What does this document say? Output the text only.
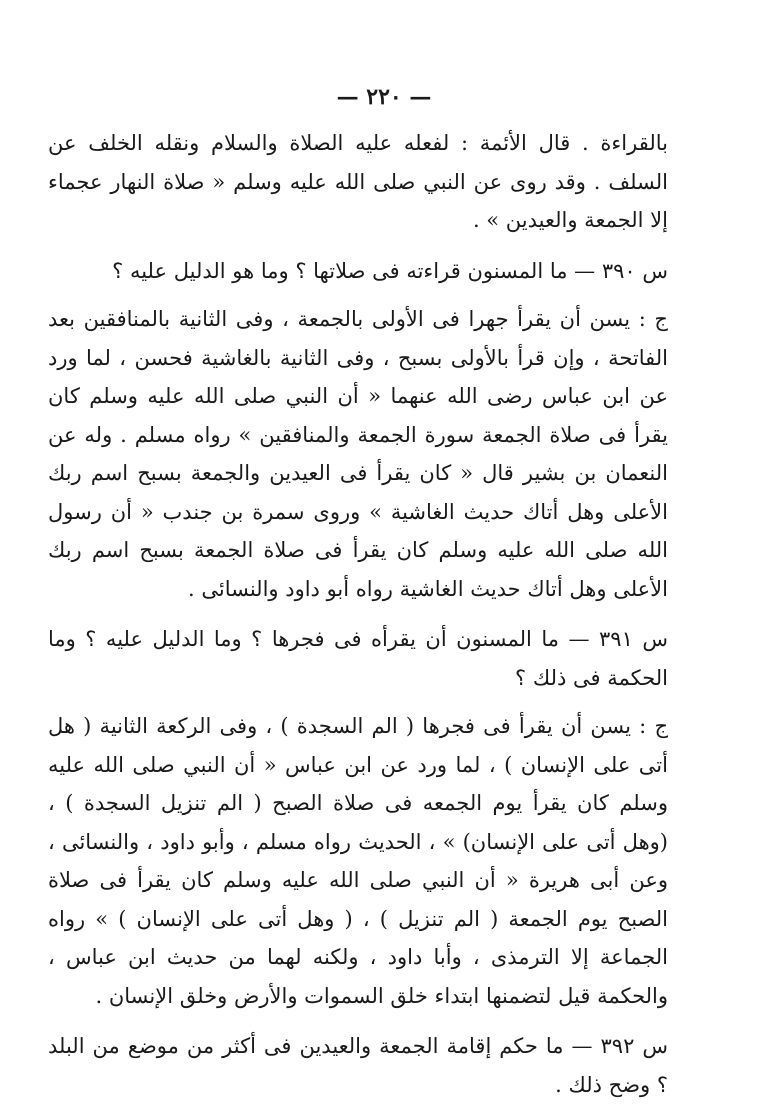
— ٢٢٠ —

بالقراءة . قال الأئمة : لفعله عليه الصلاة والسلام ونقله الخلف عن السلف . وقد روى عن النبي صلى الله عليه وسلم « صلاة النهار عجماء إلا الجمعة والعيدين » .

س ٣٩٠ — ما المسنون قراءته فى صلاتها ؟ وما هو الدليل عليه ؟

ج : يسن أن يقرأ جهرا فى الأولى بالجمعة ، وفى الثانية بالمنافقين بعد الفاتحة ، وإن قرأ بالأولى بسبح ، وفى الثانية بالغاشية فحسن ، لما ورد عن ابن عباس رضى الله عنهما « أن النبي صلى الله عليه وسلم كان يقرأ فى صلاة الجمعة سورة الجمعة والمنافقين » رواه مسلم . وله عن النعمان بن بشير قال « كان يقرأ فى العيدين والجمعة بسبح اسم ربك الأعلى وهل أتاك حديث الغاشية » وروى سمرة بن جندب « أن رسول الله صلى الله عليه وسلم كان يقرأ فى صلاة الجمعة بسبح اسم ربك الأعلى وهل أتاك حديث الغاشية رواه أبو داود والنسائى .

س ٣٩١ — ما المسنون أن يقرأه فى فجرها ؟ وما الدليل عليه ؟ وما الحكمة فى ذلك ؟

ج : يسن أن يقرأ فى فجرها ( الم السجدة ) ، وفى الركعة الثانية ( هل أتى على الإنسان ) ، لما ورد عن ابن عباس « أن النبي صلى الله عليه وسلم كان يقرأ يوم الجمعه فى صلاة الصبح ( الم تنزيل السجدة ) ، (وهل أتى على الإنسان) » ، الحديث رواه مسلم ، وأبو داود ، والنسائى ، وعن أبى هريرة « أن النبي صلى الله عليه وسلم كان يقرأ فى صلاة الصبح يوم الجمعة ( الم تنزيل ) ، ( وهل أتى على الإنسان ) » رواه الجماعة إلا الترمذى ، وأبا داود ، ولكنه لهما من حديث ابن عباس ، والحكمة قيل لتضمنها ابتداء خلق السموات والأرض وخلق الإنسان .

س ٣٩٢ — ما حكم إقامة الجمعة والعيدين فى أكثر من موضع من البلد ؟ وضح ذلك .
